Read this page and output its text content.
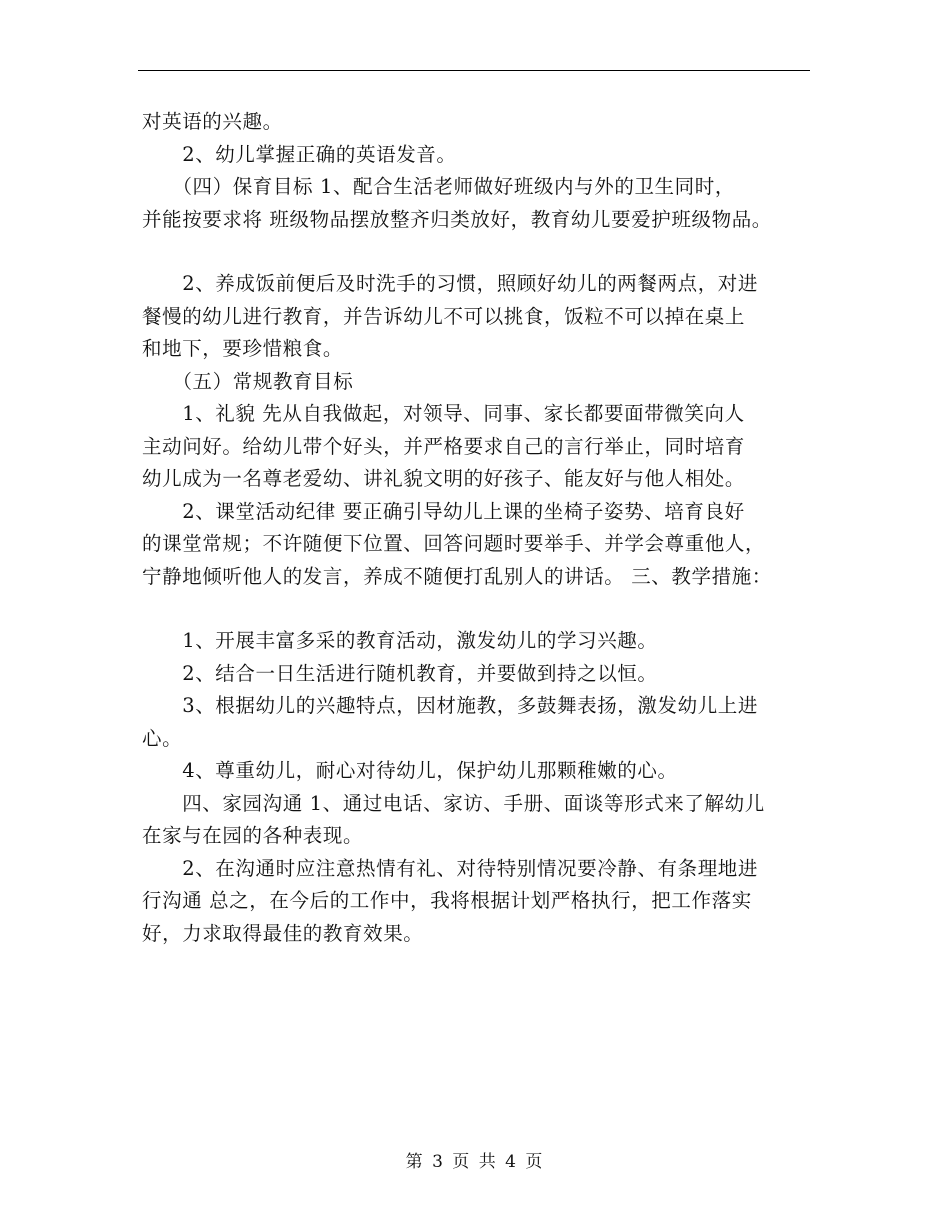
对英语的兴趣。
　　2、幼儿掌握正确的英语发音。
　　（四）保育目标 1、配合生活老师做好班级内与外的卫生同时，
并能按要求将 班级物品摆放整齐归类放好，教育幼儿要爱护班级物品。
　　2、养成饭前便后及时洗手的习惯，照顾好幼儿的两餐两点，对进
餐慢的幼儿进行教育，并告诉幼儿不可以挑食，饭粒不可以掉在桌上
和地下，要珍惜粮食。
　　（五）常规教育目标
　　1、礼貌 先从自我做起，对领导、同事、家长都要面带微笑向人
主动问好。给幼儿带个好头，并严格要求自己的言行举止，同时培育
幼儿成为一名尊老爱幼、讲礼貌文明的好孩子、能友好与他人相处。
　　2、课堂活动纪律 要正确引导幼儿上课的坐椅子姿势、培育良好
的课堂常规；不许随便下位置、回答问题时要举手、并学会尊重他人，
宁静地倾听他人的发言，养成不随便打乱别人的讲话。 三、教学措施：
　　1、开展丰富多采的教育活动，激发幼儿的学习兴趣。
　　2、结合一日生活进行随机教育，并要做到持之以恒。
　　3、根据幼儿的兴趣特点，因材施教，多鼓舞表扬，激发幼儿上进
心。
　　4、尊重幼儿，耐心对待幼儿，保护幼儿那颗稚嫩的心。
　　四、家园沟通 1、通过电话、家访、手册、面谈等形式来了解幼儿
在家与在园的各种表现。
　　2、在沟通时应注意热情有礼、对待特别情况要冷静、有条理地进
行沟通 总之，在今后的工作中，我将根据计划严格执行，把工作落实
好，力求取得最佳的教育效果。
第 3 页 共 4 页
